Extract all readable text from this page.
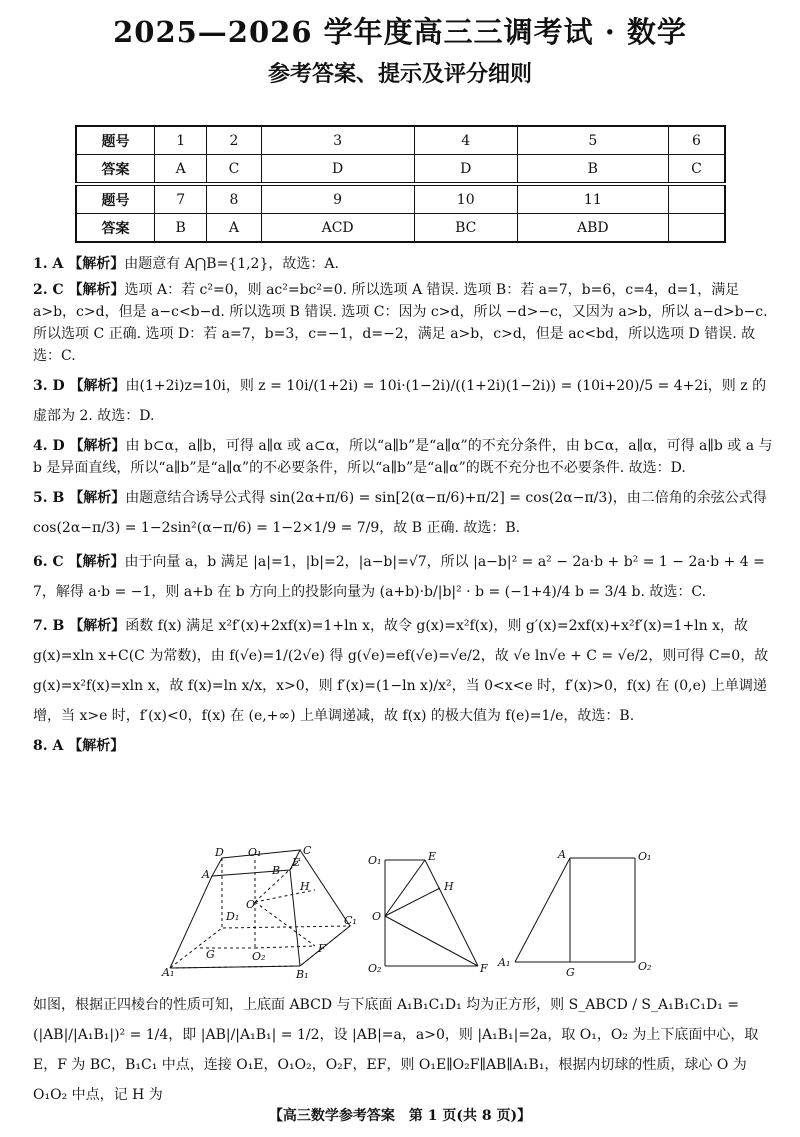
2025—2026 学年度高三三调考试 · 数学
参考答案、提示及评分细则
题号	1	2	3	4	5	6
答案	A	C	D	D	B	C
题号	7	8	9	10	11	
答案	B	A	ACD	BC	ABD	

1. A 【解析】由题意有 A⋂B={1,2}，故选：A.

2. C 【解析】选项 A：若 c²=0，则 ac²=bc²=0. 所以选项 A 错误. 选项 B：若 a=7，b=6，c=4，d=1，满足 a>b，c>d，但是 a−c<b−d. 所以选项 B 错误. 选项 C：因为 c>d，所以 −d>−c，又因为 a>b，所以 a−d>b−c. 所以选项 C 正确. 选项 D：若 a=7，b=3，c=−1，d=−2，满足 a>b，c>d，但是 ac<bd，所以选项 D 错误. 故选：C.

3. D 【解析】由(1+2i)z=10i，则 z = 10i/(1+2i) = 10i·(1−2i)/((1+2i)(1−2i)) = (10i+20)/5 = 4+2i，则 z 的虚部为 2. 故选：D.

4. D 【解析】由 b⊂α，a∥b，可得 a∥α 或 a⊂α，所以“a∥b”是“a∥α”的不充分条件，由 b⊂α，a∥α，可得 a∥b 或 a 与 b 是异面直线，所以“a∥b”是“a∥α”的不必要条件，所以“a∥b”是“a∥α”的既不充分也不必要条件. 故选：D.

5. B 【解析】由题意结合诱导公式得 sin(2α+π/6) = sin[2(α−π/6)+π/2] = cos(2α−π/3)，由二倍角的余弦公式得 cos(2α−π/3) = 1−2sin²(α−π/6) = 1−2×1/9 = 7/9，故 B 正确. 故选：B.

6. C 【解析】由于向量 a，b 满足 |a|=1，|b|=2，|a−b|=√7，所以 |a−b|² = a² − 2a·b + b² = 1 − 2a·b + 4 = 7，解得 a·b = −1，则 a+b 在 b 方向上的投影向量为 (a+b)·b/|b|² · b = (−1+4)/4 b = 3/4 b. 故选：C.

7. B 【解析】函数 f(x) 满足 x²f′(x)+2xf(x)=1+ln x，故令 g(x)=x²f(x)，则 g′(x)=2xf(x)+x²f′(x)=1+ln x，故 g(x)=xln x+C(C 为常数)，由 f(√e)=1/(2√e) 得 g(√e)=ef(√e)=√e/2，故 √e ln√e + C = √e/2，则可得 C=0，故 g(x)=x²f(x)=xln x，故 f(x)=ln x/x，x>0，则 f′(x)=(1−ln x)/x²，当 0<x<e 时，f′(x)>0，f(x) 在 (0,e) 上单调递增，当 x>e 时，f′(x)<0，f(x) 在 (e,+∞) 上单调递减，故 f(x) 的极大值为 f(e)=1/e，故选：B.

8. A 【解析】

D O₁	C
A	B
E
H
O
D₁	C₁
G	O₂
F
A₁	B₁
O₁	E
H
O
O₂	F
A	O₁
A₁
G	O₂

如图，根据正四棱台的性质可知，上底面 ABCD 与下底面 A₁B₁C₁D₁ 均为正方形，则 S_ABCD / S_A₁B₁C₁D₁ = (|AB|/|A₁B₁|)² = 1/4，即 |AB|/|A₁B₁| = 1/2，设 |AB|=a，a>0，则 |A₁B₁|=2a，取 O₁，O₂ 为上下底面中心，取 E，F 为 BC，B₁C₁ 中点，连接 O₁E，O₁O₂，O₂F，EF，则 O₁E∥O₂F∥AB∥A₁B₁，根据内切球的性质，球心 O 为 O₁O₂ 中点，记 H 为

【高三数学参考答案　第 1 页(共 8 页)】
